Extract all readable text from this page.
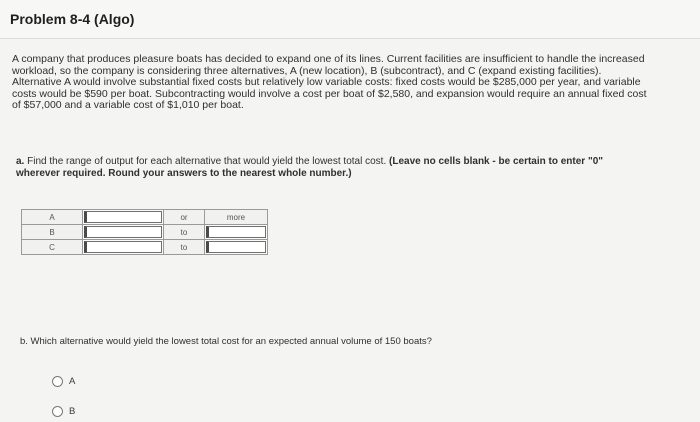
Problem 8-4 (Algo)

A company that produces pleasure boats has decided to expand one of its lines. Current facilities are insufficient to handle the increased workload, so the company is considering three alternatives, A (new location), B (subcontract), and C (expand existing facilities).

Alternative A would involve substantial fixed costs but relatively low variable costs: fixed costs would be $285,000 per year, and variable costs would be $590 per boat. Subcontracting would involve a cost per boat of $2,580, and expansion would require an annual fixed cost of $57,000 and a variable cost of $1,010 per boat.

a. Find the range of output for each alternative that would yield the lowest total cost. (Leave no cells blank - be certain to enter "0" wherever required. Round your answers to the nearest whole number.)
A		or	more
B		to	

C		to	
b. Which alternative would yield the lowest total cost for an expected annual volume of 150 boats?
A
B
